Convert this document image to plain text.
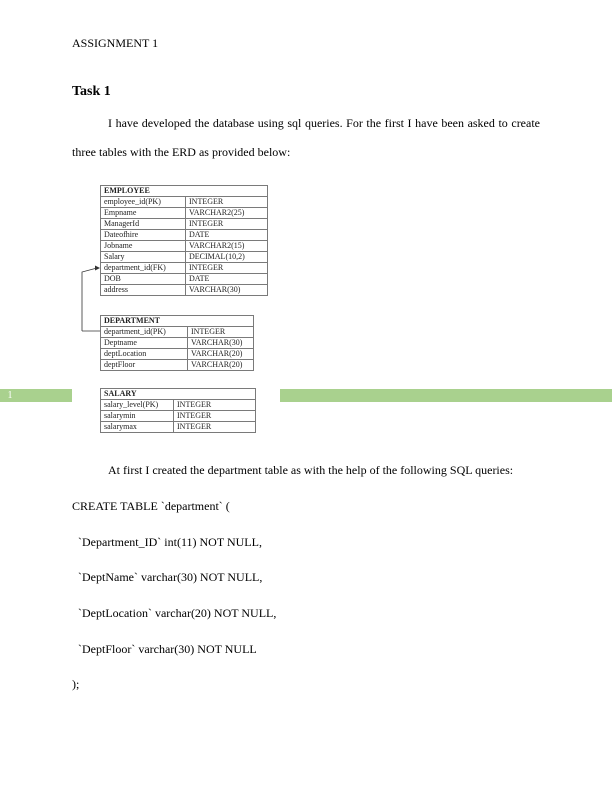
ASSIGNMENT 1
Task 1
I have developed the database using sql queries. For the first I have been asked to create three tables with the ERD as provided below:
EMPLOYEE	
employee_id(PK)	INTEGER
Empname	VARCHAR2(25)
ManagerId	INTEGER
Dateofhire	DATE
Jobname	VARCHAR2(15)
Salary	DECIMAL(10,2)
department_id(FK)	INTEGER
DOB	DATE
address	VARCHAR(30)
DEPARTMENT	
department_id(PK)	INTEGER
Deptname	VARCHAR(30)
deptLocation	VARCHAR(20)
deptFloor	VARCHAR(20)
1	SALARY	
salary_level(PK)	INTEGER
salarymin	INTEGER
salarymax	INTEGER
At first I created the department table as with the help of the following SQL queries:
CREATE TABLE `department` (
`Department_ID` int(11) NOT NULL,
`DeptName` varchar(30) NOT NULL,
`DeptLocation` varchar(20) NOT NULL,
`DeptFloor` varchar(30) NOT NULL
);
